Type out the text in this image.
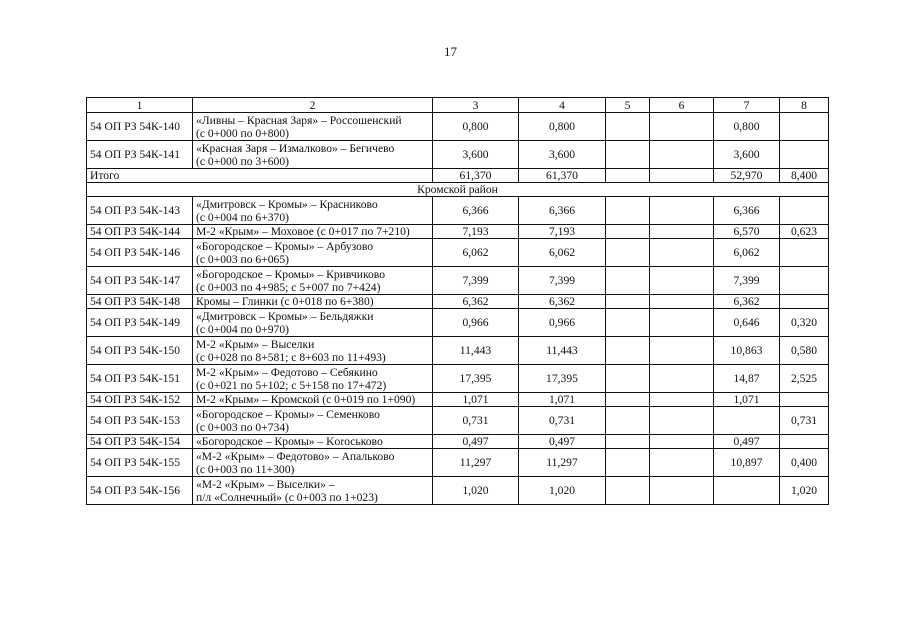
17
1	2	3	4	5	6	7	8
54 ОП РЗ 54К-140	«Ливны – Красная Заря» – Россошенский
(с 0+000 по 0+800)	0,800	0,800			0,800	
54 ОП РЗ 54К-141	«Красная Заря – Измалково» – Бегичево
(с 0+000 по 3+600)	3,600	3,600			3,600	
Итого		61,370	61,370			52,970	8,400
Кромской район							
54 ОП РЗ 54К-143	«Дмитровск – Кромы» – Красниково
(с 0+004 по 6+370)	6,366	6,366			6,366	
54 ОП РЗ 54К-144	М-2 «Крым» – Моховое (с 0+017 по 7+210)	7,193	7,193			6,570	0,623
54 ОП РЗ 54К-146	«Богородское – Кромы» – Арбузово
(с 0+003 по 6+065)	6,062	6,062			6,062	
54 ОП РЗ 54К-147	«Богородское – Кромы» – Кривчиково
(с 0+003 по 4+985; с 5+007 по 7+424)	7,399	7,399			7,399	
54 ОП РЗ 54К-148	Кромы – Глинки (с 0+018 по 6+380)	6,362	6,362			6,362	
54 ОП РЗ 54К-149	«Дмитровск – Кромы» – Бельдяжки
(с 0+004 по 0+970)	0,966	0,966			0,646	0,320
54 ОП РЗ 54К-150	М-2 «Крым» – Выселки
(с 0+028 по 8+581; с 8+603 по 11+493)	11,443	11,443			10,863	0,580
54 ОП РЗ 54К-151	М-2 «Крым» – Федотово – Себякино
(с 0+021 по 5+102; с 5+158 по 17+472)	17,395	17,395			14,87	2,525
54 ОП РЗ 54К-152	М-2 «Крым» – Кромской (с 0+019 по 1+090)	1,071	1,071			1,071	
54 ОП РЗ 54К-153	«Богородское – Кромы» – Семенково
(с 0+003 по 0+734)	0,731	0,731				0,731
54 ОП РЗ 54К-154	«Богородское – Кромы» – Korоськово	0,497	0,497			0,497	
54 ОП РЗ 54К-155	«М-2 «Крым» – Федотово» – Апальково
(с 0+003 по 11+300)	11,297	11,297			10,897	0,400
54 ОП РЗ 54К-156	«М-2 «Крым» – Выселки» –
п/л «Солнечный» (с 0+003 по 1+023)	1,020	1,020				1,020
